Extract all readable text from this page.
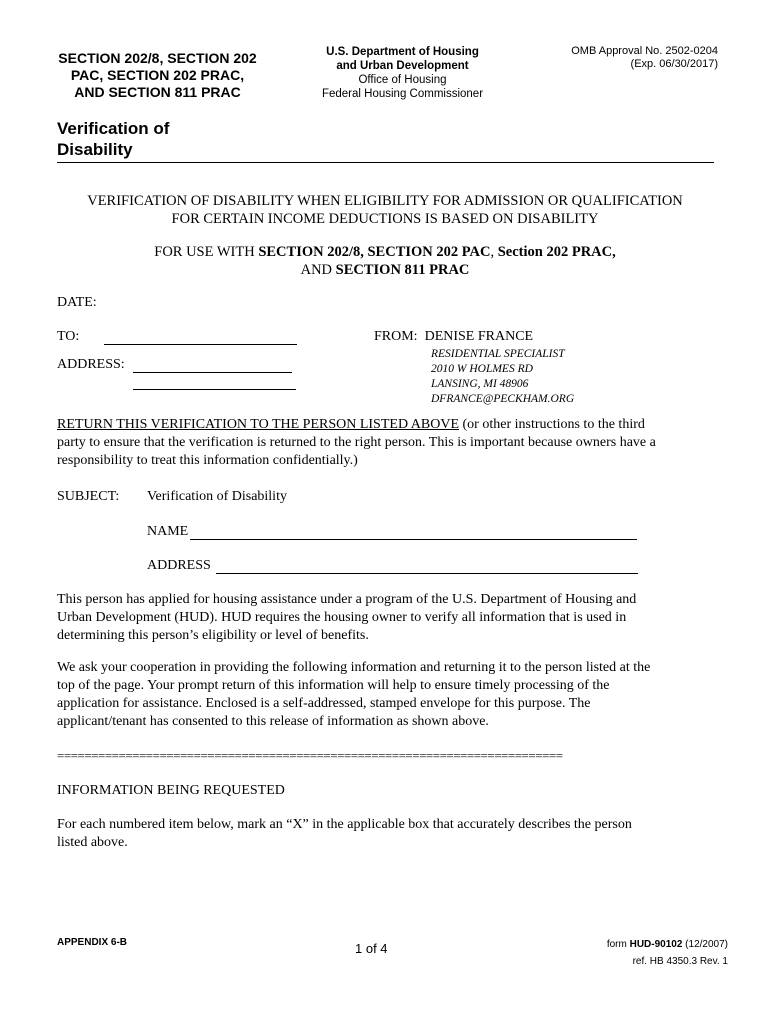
SECTION 202/8, SECTION 202
PAC, SECTION 202 PRAC,
AND SECTION 811 PRAC
U.S. Department of Housing
and Urban Development
Office of Housing
Federal Housing Commissioner
OMB Approval No. 2502-0204
(Exp. 06/30/2017)
Verification of
Disability
VERIFICATION OF DISABILITY WHEN ELIGIBILITY FOR ADMISSION OR QUALIFICATION
FOR CERTAIN INCOME DEDUCTIONS IS BASED ON DISABILITY
FOR USE WITH SECTION 202/8, SECTION 202 PAC, Section 202 PRAC,
AND SECTION 811 PRAC
DATE:
TO:
ADDRESS:
FROM: DENISE FRANCE
RESIDENTIAL SPECIALIST
2010 W HOLMES RD
LANSING, MI 48906
DFRANCE@PECKHAM.ORG
RETURN THIS VERIFICATION TO THE PERSON LISTED ABOVE (or other instructions to the third
party to ensure that the verification is returned to the right person. This is important because owners have a
responsibility to treat this information confidentially.)
SUBJECT: Verification of Disability
NAME
ADDRESS
This person has applied for housing assistance under a program of the U.S. Department of Housing and
Urban Development (HUD). HUD requires the housing owner to verify all information that is used in
determining this person’s eligibility or level of benefits.
We ask your cooperation in providing the following information and returning it to the person listed at the
top of the page. Your prompt return of this information will help to ensure timely processing of the
application for assistance. Enclosed is a self-addressed, stamped envelope for this purpose. The
applicant/tenant has consented to this release of information as shown above.
==========================================================================
INFORMATION BEING REQUESTED
For each numbered item below, mark an “X” in the applicable box that accurately describes the person
listed above.
APPENDIX 6-B	1 of 4	form HUD-90102 (12/2007)
ref. HB 4350.3 Rev. 1
